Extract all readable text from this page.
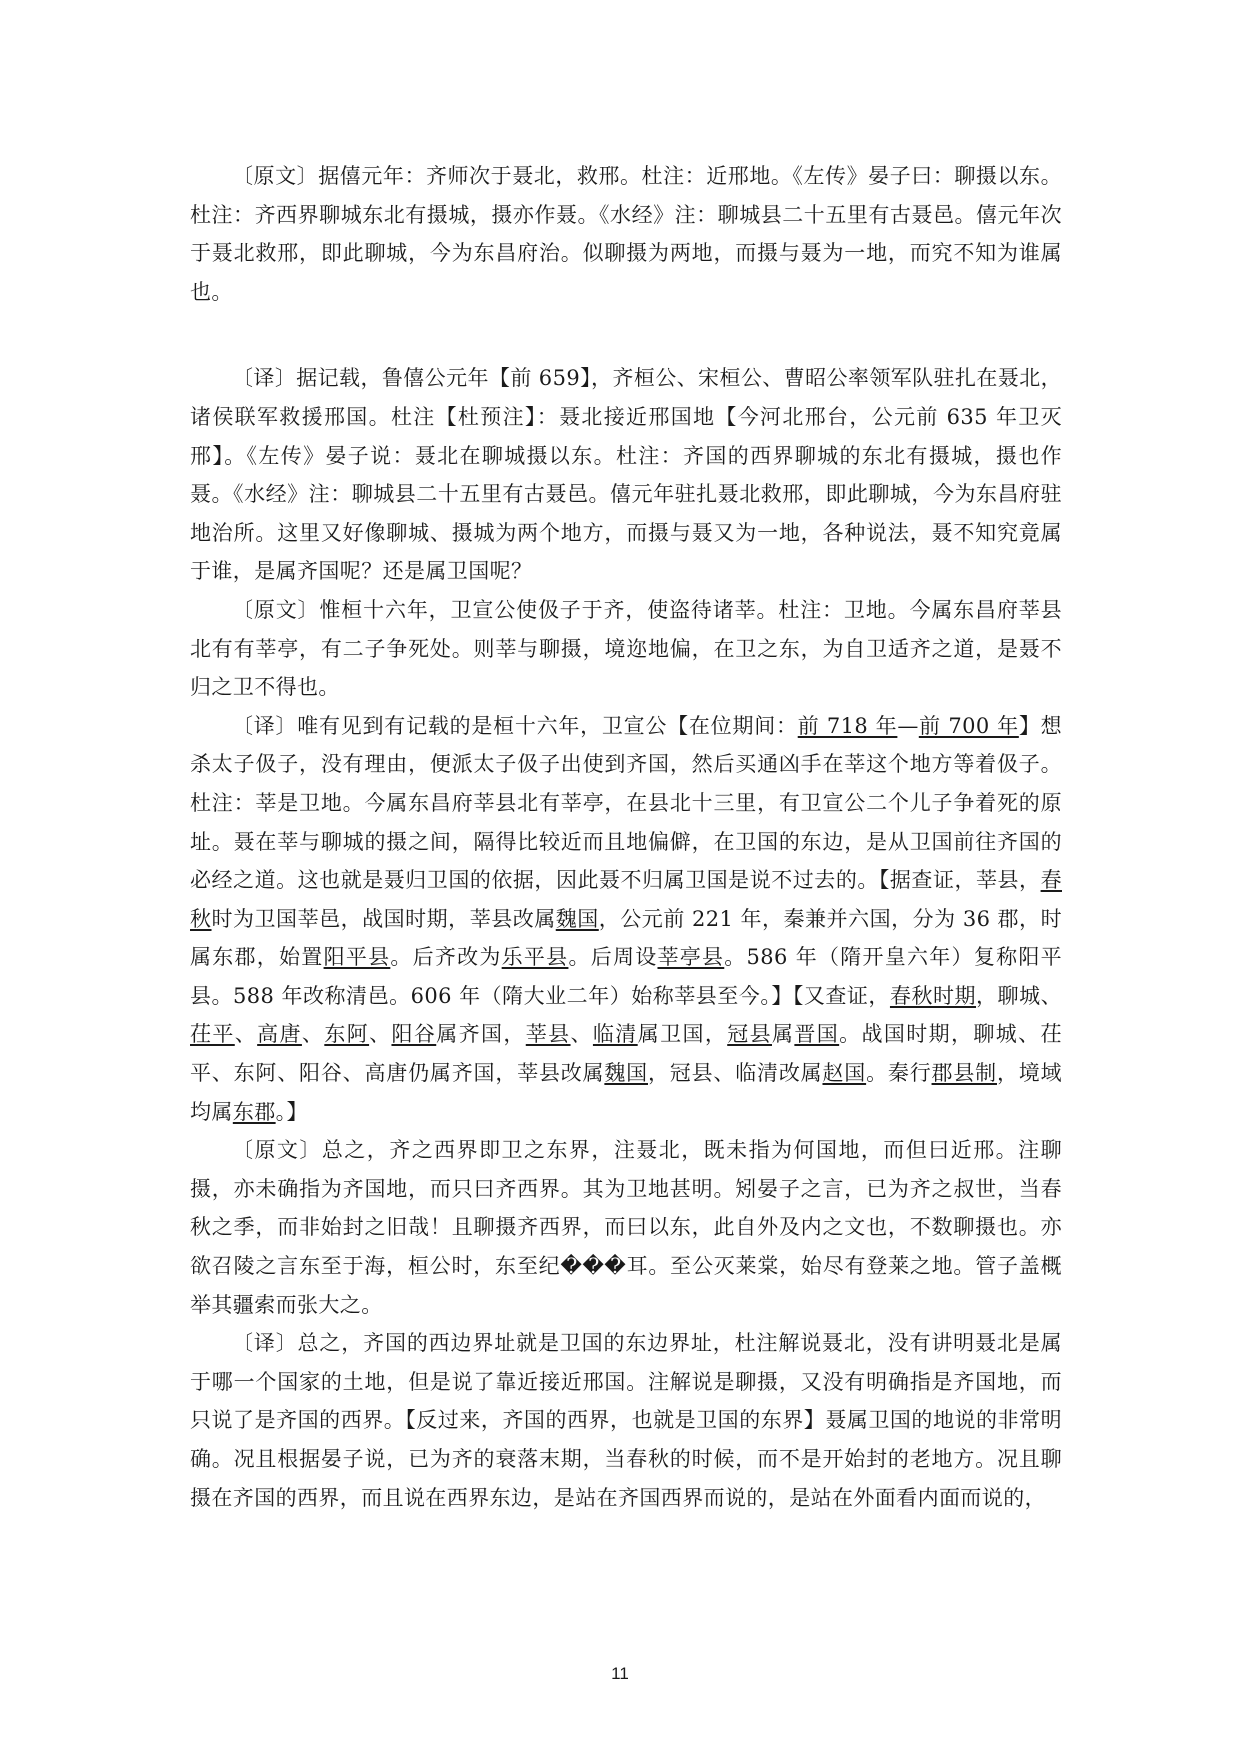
〔原文〕据僖元年：齐师次于聂北，救邢。杜注：近邢地。《左传》晏子曰：聊摄以东。杜注：齐西界聊城东北有摄城，摄亦作聂。《水经》注：聊城县二十五里有古聂邑。僖元年次于聂北救邢，即此聊城，今为东昌府治。似聊摄为两地，而摄与聂为一地，而究不知为谁属也。

〔译〕据记载，鲁僖公元年【前 659】，齐桓公、宋桓公、曹昭公率领军队驻扎在聂北，诸侯联军救援邢国。杜注【杜预注】：聂北接近邢国地【今河北邢台，公元前 635 年卫灭邢】。《左传》晏子说：聂北在聊城摄以东。杜注：齐国的西界聊城的东北有摄城，摄也作聂。《水经》注：聊城县二十五里有古聂邑。僖元年驻扎聂北救邢，即此聊城，今为东昌府驻地治所。这里又好像聊城、摄城为两个地方，而摄与聂又为一地，各种说法，聂不知究竟属于谁，是属齐国呢？还是属卫国呢？

〔原文〕惟桓十六年，卫宣公使伋子于齐，使盗待诸莘。杜注：卫地。今属东昌府莘县北有有莘亭，有二子争死处。则莘与聊摄，境迩地偏，在卫之东，为自卫适齐之道，是聂不归之卫不得也。

〔译〕唯有见到有记载的是桓十六年，卫宣公【在位期间：前 718 年—前 700 年】想杀太子伋子，没有理由，便派太子伋子出使到齐国，然后买通凶手在莘这个地方等着伋子。杜注：莘是卫地。今属东昌府莘县北有莘亭，在县北十三里，有卫宣公二个儿子争着死的原址。聂在莘与聊城的摄之间，隔得比较近而且地偏僻，在卫国的东边，是从卫国前往齐国的必经之道。这也就是聂归卫国的依据，因此聂不归属卫国是说不过去的。【据查证，莘县，春秋时为卫国莘邑，战国时期，莘县改属魏国，公元前 221 年，秦兼并六国，分为 36 郡，时属东郡，始置阳平县。后齐改为乐平县。后周设莘亭县。586 年（隋开皇六年）复称阳平县。588 年改称清邑。606 年（隋大业二年）始称莘县至今。】【又查证，春秋时期，聊城、茌平、高唐、东阿、阳谷属齐国，莘县、临清属卫国，冠县属晋国。战国时期，聊城、茌平、东阿、阳谷、高唐仍属齐国，莘县改属魏国，冠县、临清改属赵国。秦行郡县制，境域均属东郡。】

〔原文〕总之，齐之西界即卫之东界，注聂北，既未指为何国地，而但曰近邢。注聊摄，亦未确指为齐国地，而只曰齐西界。其为卫地甚明。矧晏子之言，已为齐之叔世，当春秋之季，而非始封之旧哉！且聊摄齐西界，而曰以东，此自外及内之文也，不数聊摄也。亦欲召陵之言东至于海，桓公时，东至纪���耳。至公灭莱棠，始尽有登莱之地。管子盖概举其疆索而张大之。

〔译〕总之，齐国的西边界址就是卫国的东边界址，杜注解说聂北，没有讲明聂北是属于哪一个国家的土地，但是说了靠近接近邢国。注解说是聊摄，又没有明确指是齐国地，而只说了是齐国的西界。【反过来，齐国的西界，也就是卫国的东界】聂属卫国的地说的非常明确。况且根据晏子说，已为齐的衰落末期，当春秋的时候，而不是开始封的老地方。况且聊摄在齐国的西界，而且说在西界东边，是站在齐国西界而说的，是站在外面看内面而说的，

11
